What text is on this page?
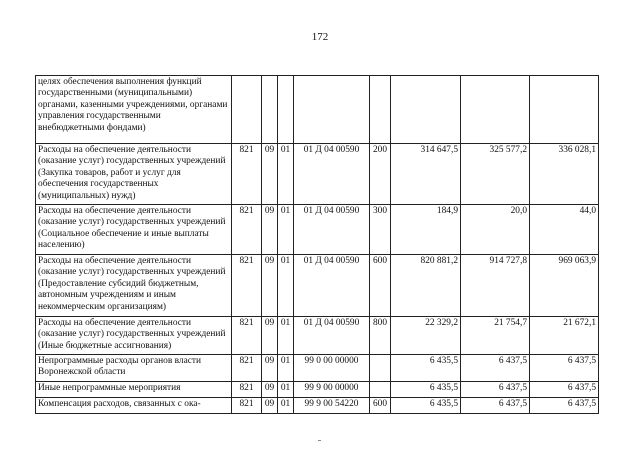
172
целях обеспечения выполнения функций государственными (муниципальными) органами, казенными учреждениями, органами управления государственными внебюджетными фондами)								
Расходы на обеспечение деятельности (оказание услуг) государственных учреждений (Закупка товаров, работ и услуг для обеспечения государственных (муниципальных) нужд)	821	09	01	01 Д 04 00590	200	314 647,5	325 577,2	336 028,1
Расходы на обеспечение деятельности (оказание услуг) государственных учреждений (Социальное обеспечение и иные выплаты населению)	821	09	01	01 Д 04 00590	300	184,9	20,0	44,0
Расходы на обеспечение деятельности (оказание услуг) государственных учреждений (Предоставление субсидий бюджетным, автономным учреждениям и иным некоммерческим организациям)	821	09	01	01 Д 04 00590	600	820 881,2	914 727,8	969 063,9
Расходы на обеспечение деятельности (оказание услуг) государственных учреждений (Иные бюджетные ассигнования)	821	09	01	01 Д 04 00590	800	22 329,2	21 754,7	21 672,1
Непрограммные расходы органов власти Воронежской области	821	09	01	99 0 00 00000		6 435,5	6 437,5	6 437,5
Иные непрограммные мероприятия	821	09	01	99 9 00 00000		6 435,5	6 437,5	6 437,5
Компенсация расходов, связанных с ока-	821	09	01	99 9 00 54220	600	6 435,5	6 437,5	6 437,5
